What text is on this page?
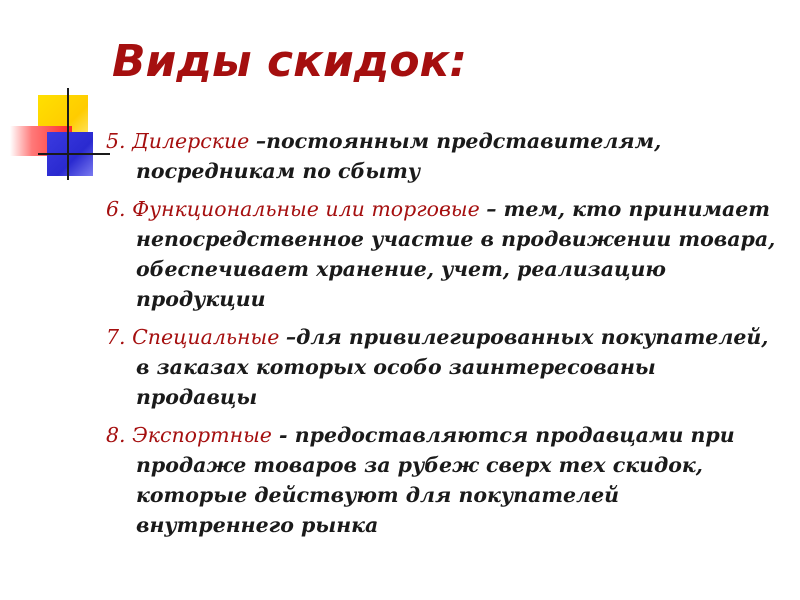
Виды скидок:

5. Дилерские –постоянным представителям, посредникам по сбыту

6. Функциональные или торговые – тем, кто принимает непосредственное участие в продвижении товара, обеспечивает хранение, учет, реализацию продукции

7. Специальные –для привилегированных покупателей, в заказах которых особо заинтересованы продавцы

8. Экспортные - предоставляются продавцами при продаже товаров за рубеж сверх тех скидок, которые действуют для покупателей внутреннего рынка
